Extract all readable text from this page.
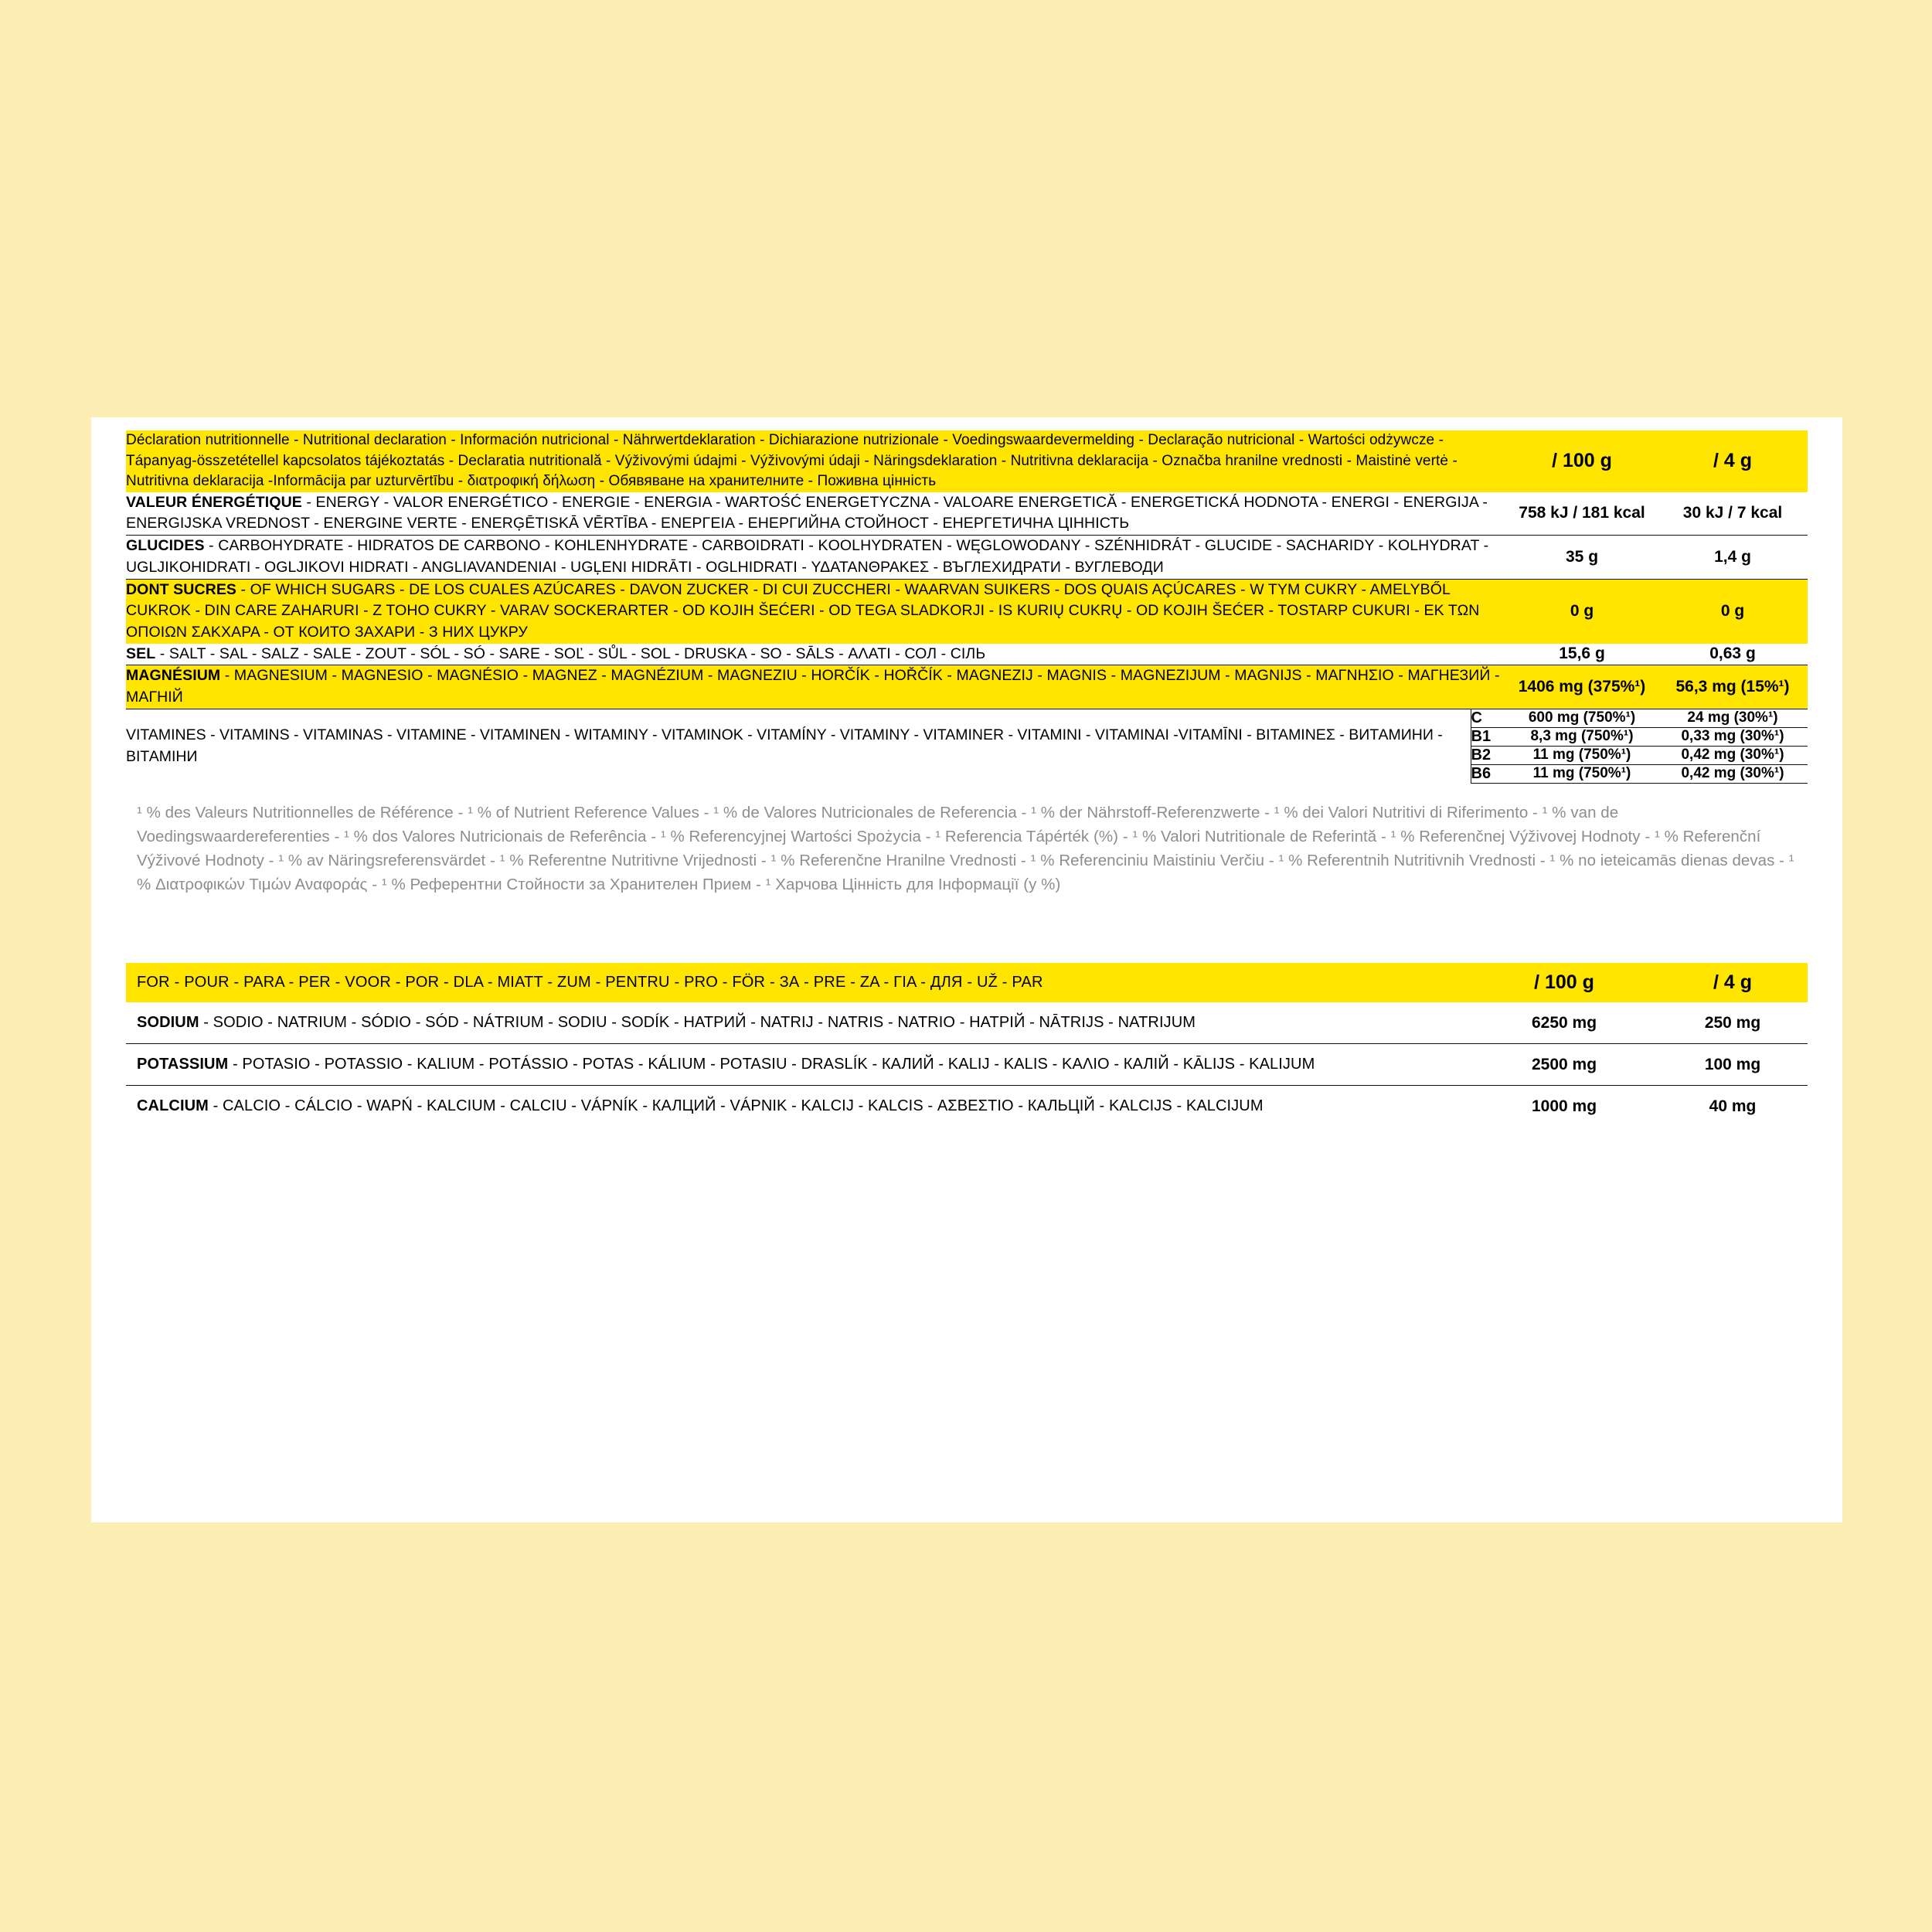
Déclaration nutritionnelle - Nutritional declaration - Información nutricional - Nährwertdeklaration - Dichiarazione nutrizionale - Voedingswaardevermelding - Declaração nutricional - Wartości odżywcze - Tápanyag-összetétellel kapcsolatos tájékoztatás - Declaratia nutritională - Výživovými údajmi - Výživovými údaji - Näringsdeklaration - Nutritivna deklaracija - Označba hranilne vrednosti - Maistinė vertė - Nutritivna deklaracija -Informācija par uzturvērtību - διατροφική δήλωση - Обявяване на хранителните - Поживна цінність		/ 100 g	/ 4 g
VALEUR ÉNERGÉTIQUE - ENERGY - VALOR ENERGÉTICO - ENERGIE - ENERGIA - WARTOŚĆ ENERGETYCZNA - VALOARE ENERGETICĂ - ENERGETICKÁ HODNOTA - ENERGI - ENERGIJA - ENERGIJSKA VREDNOST - ENERGINE VERTE - ENERĢĒTISKĀ VĒRTĪBA - ΕΝΕΡΓΕΙΑ - ЕНЕРГИЙНА СТОЙНОСТ - ЕНЕРГЕТИЧНА ЦІННІСТЬ		758 kJ / 181 kcal	30 kJ / 7 kcal
GLUCIDES - CARBOHYDRATE - HIDRATOS DE CARBONO - KOHLENHYDRATE - CARBOIDRATI - KOOLHYDRATEN - WĘGLOWODANY - SZÉNHIDRÁT - GLUCIDE - SACHARIDY - KOLHYDRAT - UGLJIKOHIDRATI - OGLJIKOVI HIDRATI - ANGLIAVANDENIAI - UGĻENI HIDRĀTI - OGLHIDRATI - ΥΔΑΤΑΝΘΡΑΚΕΣ - ВЪГЛЕХИДРАТИ - ВУГЛЕВОДИ		35 g	1,4 g
DONT SUCRES - OF WHICH SUGARS - DE LOS CUALES AZÚCARES - DAVON ZUCKER - DI CUI ZUCCHERI - WAARVAN SUIKERS - DOS QUAIS AÇÚCARES - W TYM CUKRY - AMELYBŐL CUKROK - DIN CARE ZAHARURI - Z TOHO CUKRY - VARAV SOCKERARTER - OD KOJIH ŠEĆERI - OD TEGA SLADKORJI - IS KURIŲ CUKRŲ - OD KOJIH ŠEĆER - TOSTARP CUKURI - ΕΚ ΤΩΝ ΟΠΟΙΩΝ ΣΑΚΧΑΡΑ - ОТ КОИТО ЗАХАРИ - З НИХ ЦУКРУ		0 g	0 g
SEL - SALT - SAL - SALZ - SALE - ZOUT - SÓL - SÓ - SARE - SOĽ - SŮL - SOL - DRUSKA - SO - SĀLS - ΑΛΑΤΙ - СОЛ - СІЛЬ		15,6 g	0,63 g
MAGNÉSIUM - MAGNESIUM - MAGNESIO - MAGNÉSIO - MAGNEZ - MAGNÉZIUM - MAGNEZIU - HORČÍK - HOŘČÍK - MAGNEZIJ - MAGNIS - MAGNEZIJUM - MAGNIJS - ΜΑΓΝΗΣΙΟ - МАГНЕЗИЙ - МАГНІЙ		1406 mg (375%¹)	56,3 mg (15%¹)
VITAMINES - VITAMINS - VITAMINAS - VITAMINE - VITAMINEN - WITAMINY - VITAMINOK - VITAMÍNY - VITAMINY - VITAMINER - VITAMINI - VITAMINAI -VITAMĪNI - ΒΙΤΑΜΙΝΕΣ - ВИТАМИНИ - ВІТАМІНИ	C	600 mg (750%¹)	24 mg (30%¹)
	B1	8,3 mg (750%¹)	0,33 mg (30%¹)
	B2	11 mg (750%¹)	0,42 mg (30%¹)
	B6	11 mg (750%¹)	0,42 mg (30%¹)
¹ % des Valeurs Nutritionnelles de Référence - ¹ % of Nutrient Reference Values - ¹ % de Valores Nutricionales de Referencia - ¹ % der Nährstoff-Referenzwerte - ¹ % dei Valori Nutritivi di Riferimento - ¹ % van de Voedingswaardereferenties - ¹ % dos Valores Nutricionais de Referência - ¹ % Referencyjnej Wartości Spożycia - ¹ Referencia Tápérték (%) - ¹ % Valori Nutritionale de Referintă - ¹ % Referenčnej Výživovej Hodnoty - ¹ % Referenční Výživové Hodnoty - ¹ % av Näringsreferensvärdet - ¹ % Referentne Nutritivne Vrijednosti - ¹ % Referenčne Hranilne Vrednosti - ¹ % Referenciniu Maistiniu Verčiu - ¹ % Referentnih Nutritivnih Vrednosti - ¹ % no ieteicamās dienas devas - ¹ % Διατροφικών Τιμών Αναφοράς - ¹ % Референтни Стойности за Хранителен Прием - ¹ Харчова Цінність для Інформації (у %)
FOR - POUR - PARA - PER - VOOR - POR - DLA - MIATT - ZUM - PENTRU - PRO - FÖR - ЗА - PRE - ZA - ΓΙΑ - ДЛЯ - UŽ - PAR	/ 100 g	/ 4 g
SODIUM - SODIO - NATRIUM - SÓDIO - SÓD - NÁTRIUM - SODIU - SODÍK - НАТРИЙ - NATRIJ - NATRIS - NATRIO - НАТРІЙ - NĀTRIJS - NATRIJUM	6250 mg	250 mg
POTASSIUM - POTASIO - POTASSIO - KALIUM - POTÁSSIO - POTAS - KÁLIUM - POTASIU - DRASLÍK - КАЛИЙ - KALIJ - KALIS - ΚΑΛΙΟ - КАЛІЙ - KĀLIJS - KALIJUM	2500 mg	100 mg
CALCIUM - CALCIO - CÁLCIO - WAPŃ - KALCIUM - CALCIU - VÁPNÍK - КАЛЦИЙ - VÁPNIK - KALCIJ - KALCIS - ΑΣΒΕΣΤΙΟ - КАЛЬЦІЙ - KALCIJS - KALCIJUM	1000 mg	40 mg
